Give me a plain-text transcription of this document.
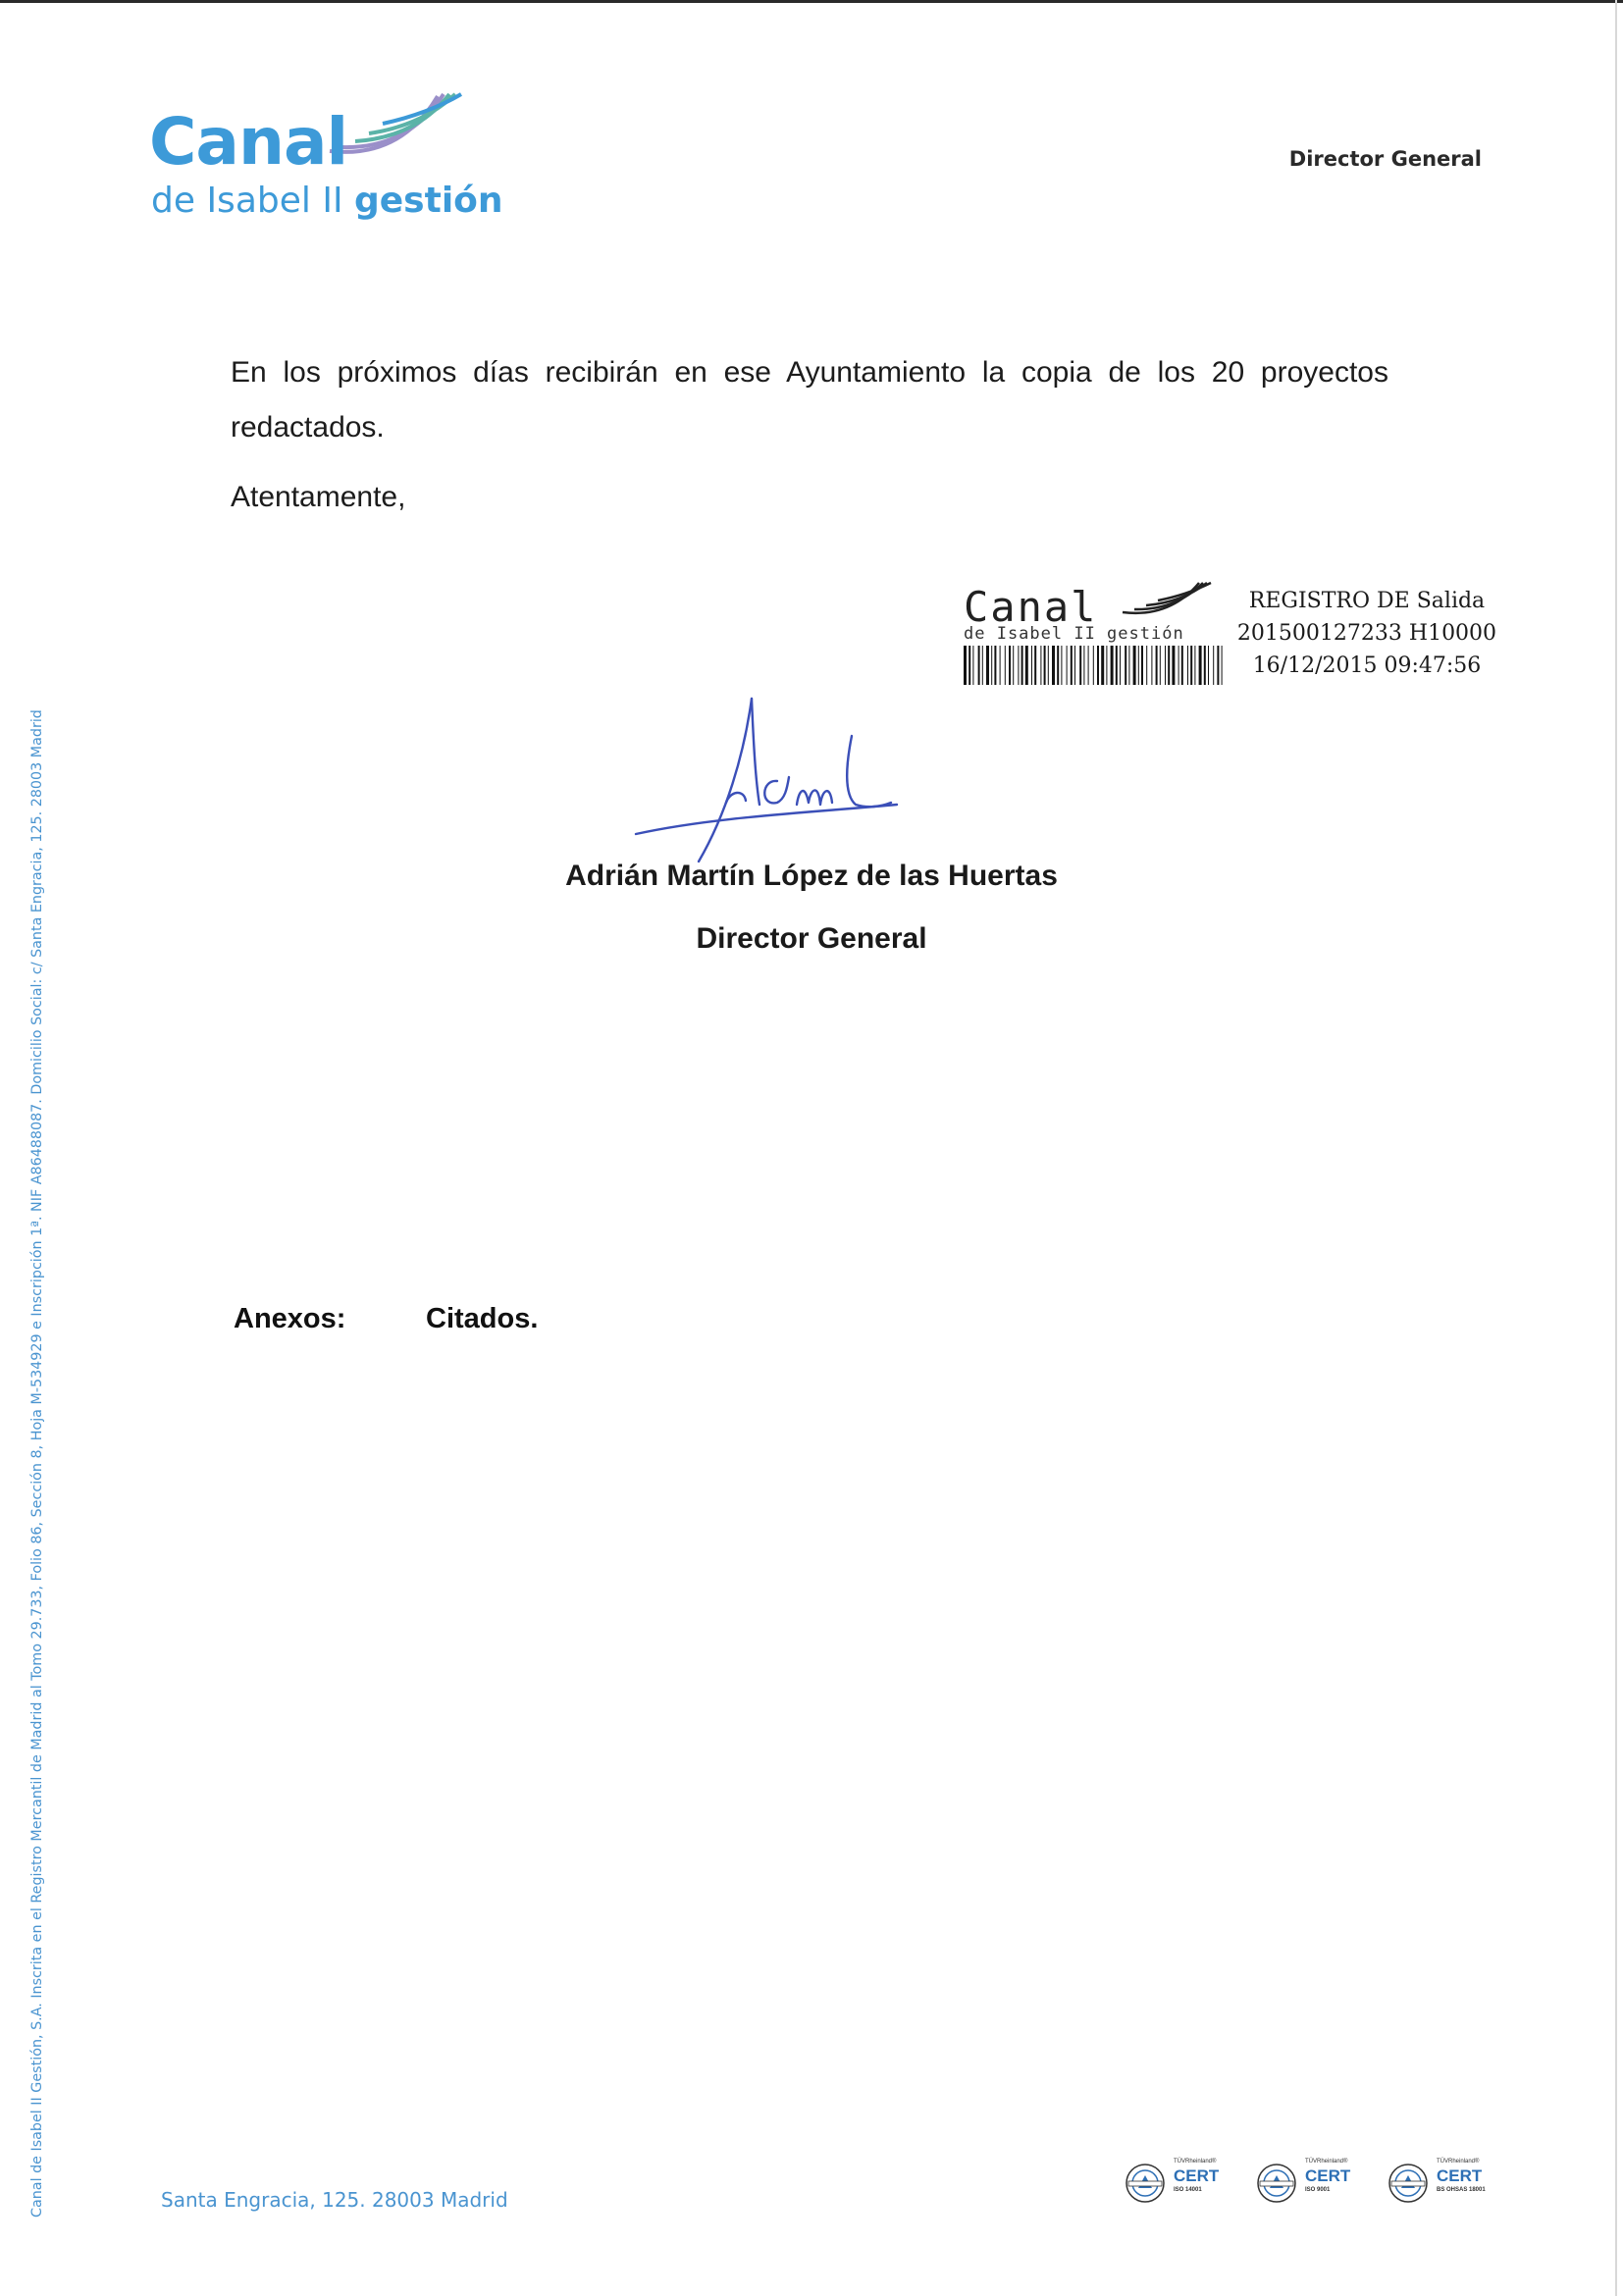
Canal
de Isabel II gestión
Director General
En los próximos días recibirán en ese Ayuntamiento la copia de los 20 proyectos redactados.
Atentamente,
Canal
de Isabel II gestión
REGISTRO DE Salida
201500127233 H10000
16/12/2015 09:47:56
Adrián Martín López de las Huertas
Director General
Anexos:	Citados.
Canal de Isabel II Gestión, S.A. Inscrita en el Registro Mercantil de Madrid al Tomo 29.733, Folio 86, Sección 8, Hoja M-534929 e Inscripción 1ª. NIF A86488087. Domicilio Social: c/ Santa Engracia, 125. 28003 Madrid	Santa Engracia, 125. 28003 Madrid
TÜVRheinland®
CERT
ISO 14001
TÜVRheinland®
CERT
ISO 9001
TÜVRheinland®
CERT
BS OHSAS 18001
